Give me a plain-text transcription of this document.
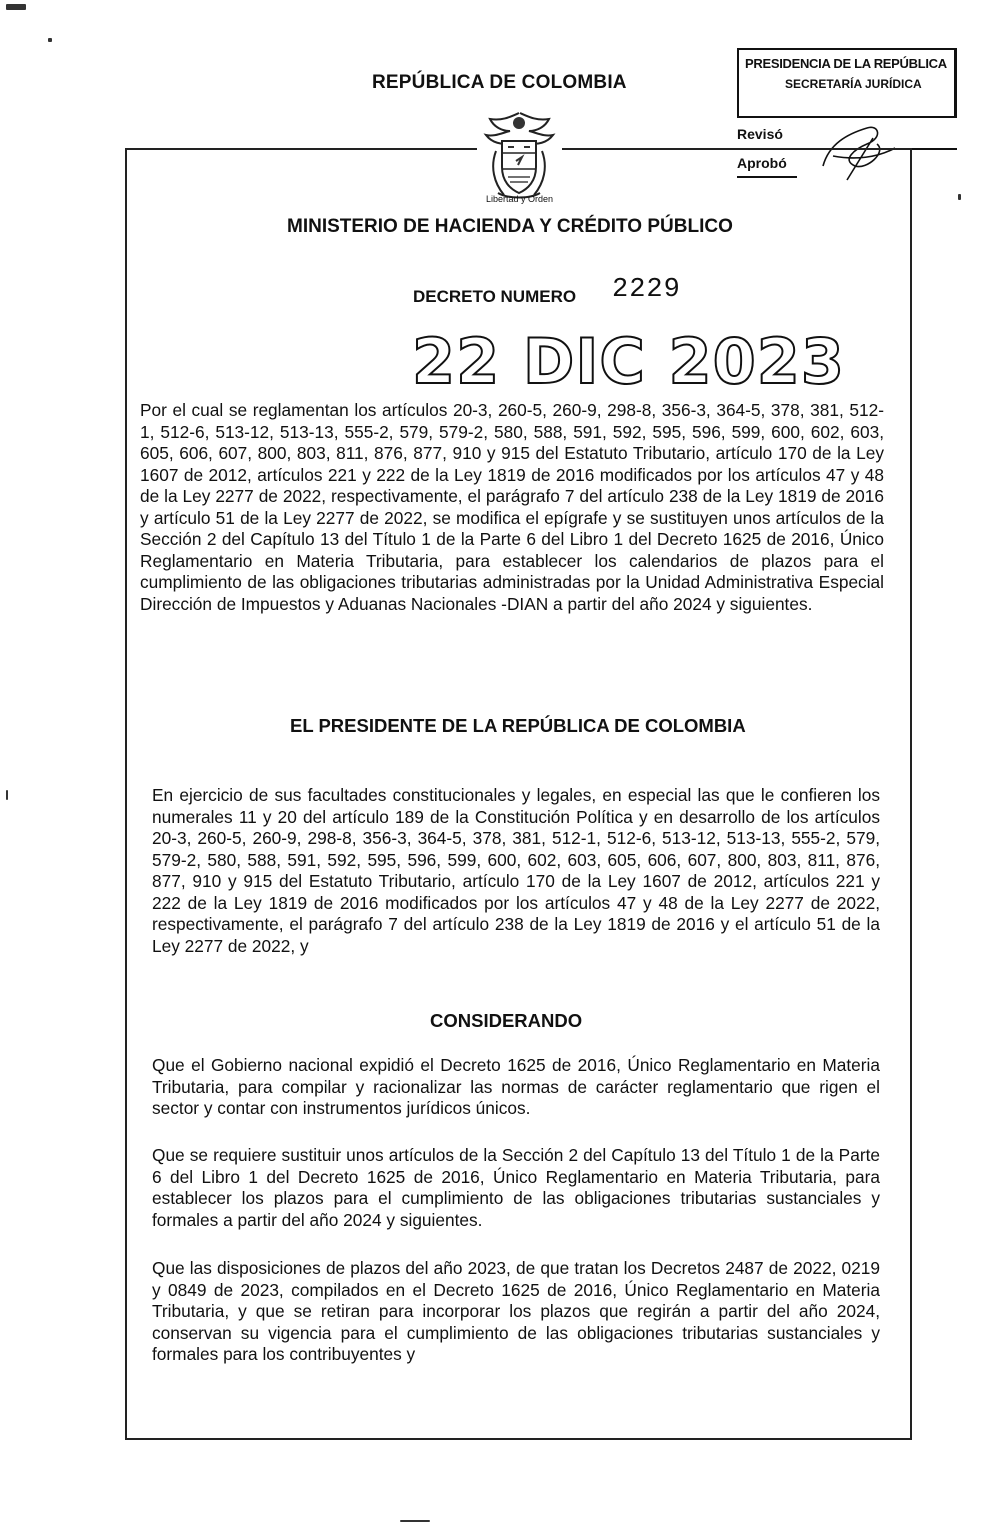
REPÚBLICA DE COLOMBIA
PRESIDENCIA DE LA REPÚBLICA
SECRETARÍA JURÍDICA
Revisó
Aprobó
Libertad y Orden
MINISTERIO DE HACIENDA Y CRÉDITO PÚBLICO
DECRETO NUMERO 2229
22 DIC 2023

Por el cual se reglamentan los artículos 20-3, 260-5, 260-9, 298-8, 356-3, 364-5, 378, 381, 512-1, 512-6, 513-12, 513-13, 555-2, 579, 579-2, 580, 588, 591, 592, 595, 596, 599, 600, 602, 603, 605, 606, 607, 800, 803, 811, 876, 877, 910 y 915 del Estatuto Tributario, artículo 170 de la Ley 1607 de 2012, artículos 221 y 222 de la Ley 1819 de 2016 modificados por los artículos 47 y 48 de la Ley 2277 de 2022, respectivamente, el parágrafo 7 del artículo 238 de la Ley 1819 de 2016 y artículo 51 de la Ley 2277 de 2022, se modifica el epígrafe y se sustituyen unos artículos de la Sección 2 del Capítulo 13 del Título 1 de la Parte 6 del Libro 1 del Decreto 1625 de 2016, Único Reglamentario en Materia Tributaria, para establecer los calendarios de plazos para el cumplimiento de las obligaciones tributarias administradas por la Unidad Administrativa Especial Dirección de Impuestos y Aduanas Nacionales -DIAN a partir del año 2024 y siguientes.

EL PRESIDENTE DE LA REPÚBLICA DE COLOMBIA

En ejercicio de sus facultades constitucionales y legales, en especial las que le confieren los numerales 11 y 20 del artículo 189 de la Constitución Política y en desarrollo de los artículos 20-3, 260-5, 260-9, 298-8, 356-3, 364-5, 378, 381, 512-1, 512-6, 513-12, 513-13, 555-2, 579, 579-2, 580, 588, 591, 592, 595, 596, 599, 600, 602, 603, 605, 606, 607, 800, 803, 811, 876, 877, 910 y 915 del Estatuto Tributario, artículo 170 de la Ley 1607 de 2012, artículos 221 y 222 de la Ley 1819 de 2016 modificados por los artículos 47 y 48 de la Ley 2277 de 2022, respectivamente, el parágrafo 7 del artículo 238 de la Ley 1819 de 2016 y el artículo 51 de la Ley 2277 de 2022, y

CONSIDERANDO

Que el Gobierno nacional expidió el Decreto 1625 de 2016, Único Reglamentario en Materia Tributaria, para compilar y racionalizar las normas de carácter reglamentario que rigen el sector y contar con instrumentos jurídicos únicos.

Que se requiere sustituir unos artículos de la Sección 2 del Capítulo 13 del Título 1 de la Parte 6 del Libro 1 del Decreto 1625 de 2016, Único Reglamentario en Materia Tributaria, para establecer los plazos para el cumplimiento de las obligaciones tributarias sustanciales y formales a partir del año 2024 y siguientes.

Que las disposiciones de plazos del año 2023, de que tratan los Decretos 2487 de 2022, 0219 y 0849 de 2023, compilados en el Decreto 1625 de 2016, Único Reglamentario en Materia Tributaria, y que se retiran para incorporar los plazos que regirán a partir del año 2024, conservan su vigencia para el cumplimiento de las obligaciones tributarias sustanciales y formales para los contribuyentes y
